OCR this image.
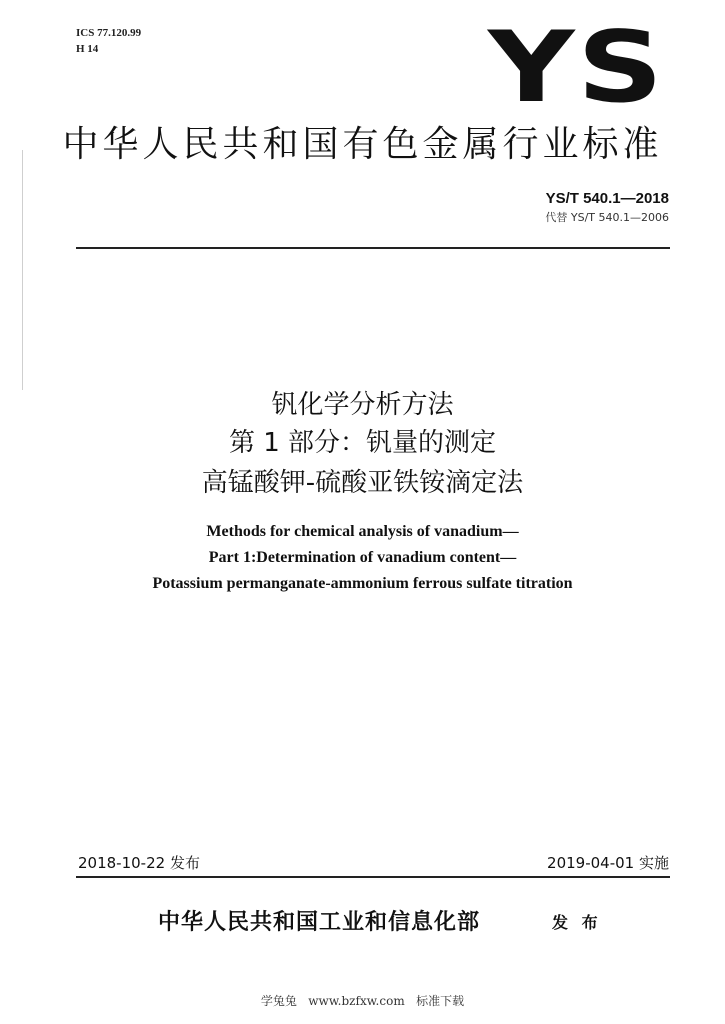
ICS 77.120.99
H 14	YS
中华人民共和国有色金属行业标准
YS/T 540.1—2018
代替 YS/T 540.1—2006
钒化学分析方法
第 1 部分：钒量的测定
高锰酸钾-硫酸亚铁铵滴定法
Methods for chemical analysis of vanadium—
Part 1:Determination of vanadium content—
Potassium permanganate-ammonium ferrous sulfate titration
2018-10-22 发布	2019-04-01 实施
中华人民共和国工业和信息化部	发 布
学兔兔   www.bzfxw.com   标准下载
